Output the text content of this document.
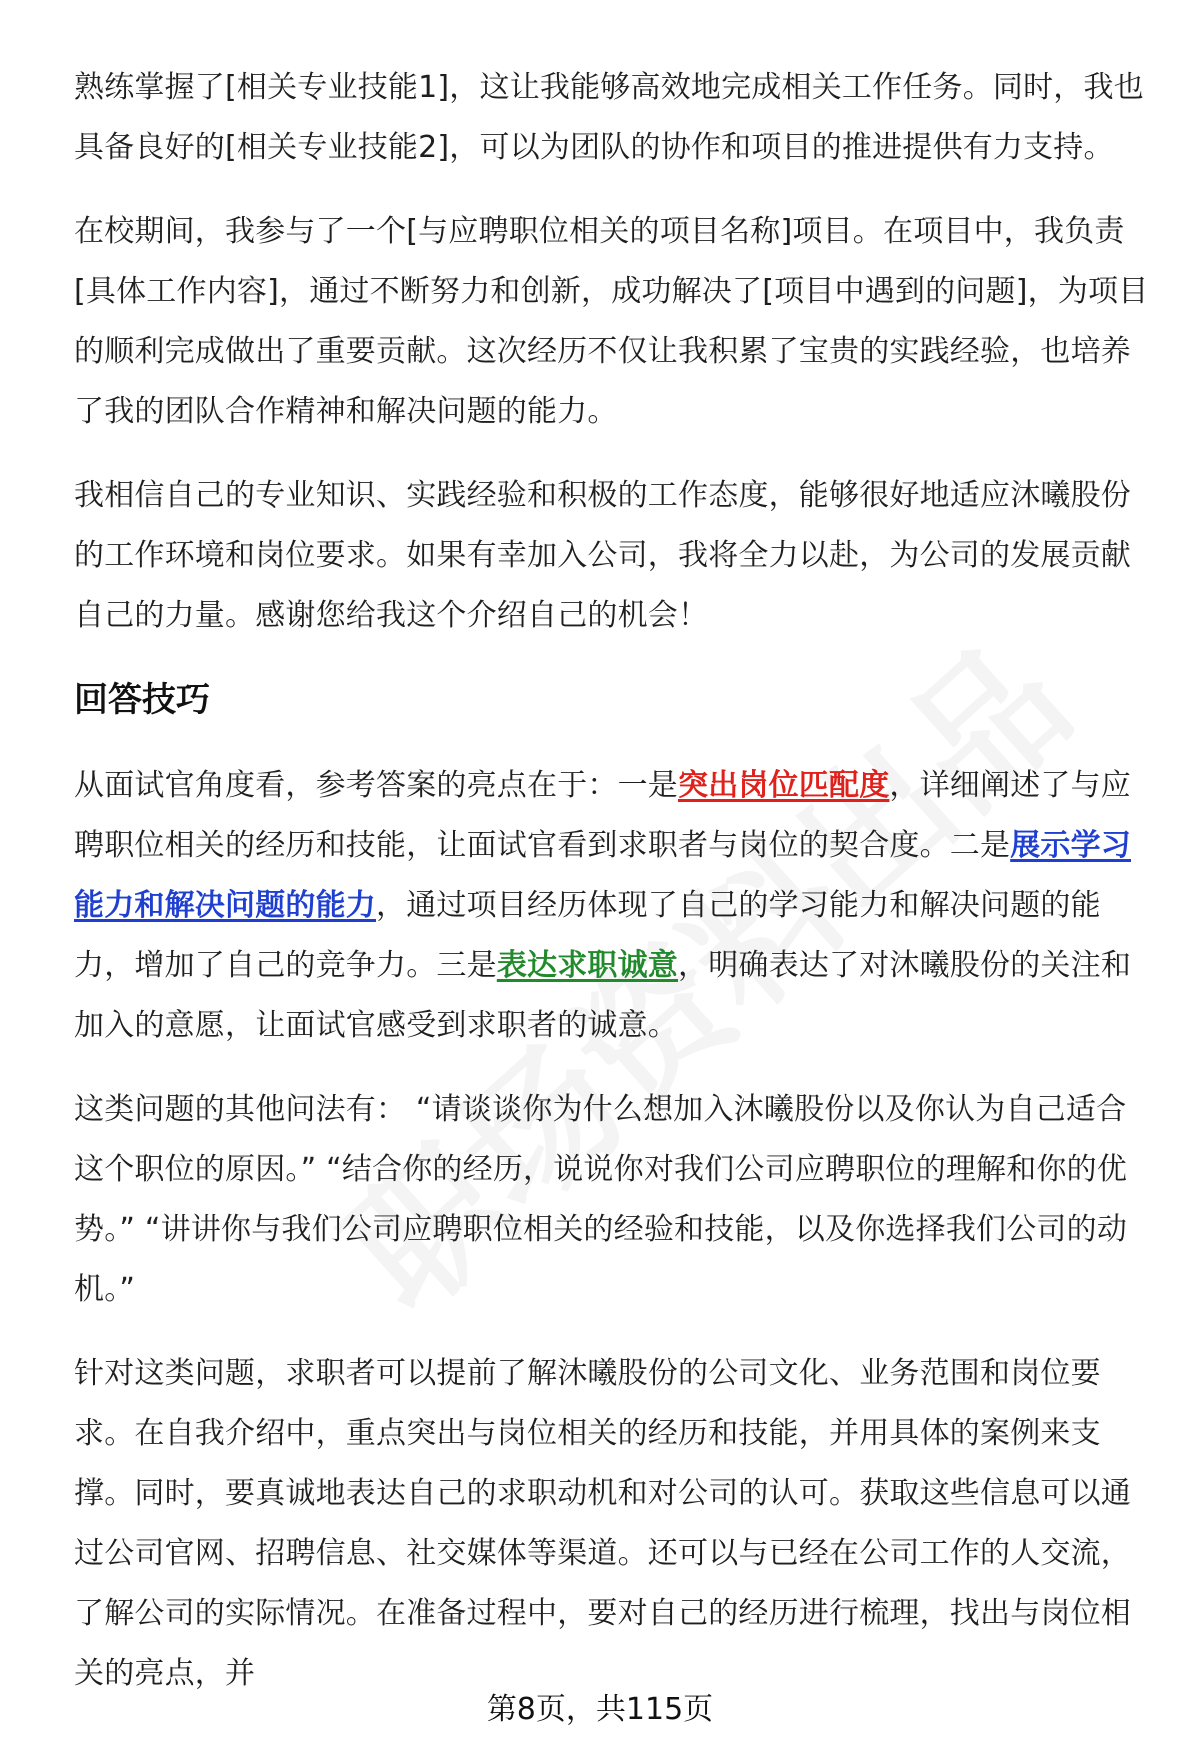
熟练掌握了[相关专业技能1]，这让我能够高效地完成相关工作任务。同时，我也具备良好的[相关专业技能2]，可以为团队的协作和项目的推进提供有力支持。

在校期间，我参与了一个[与应聘职位相关的项目名称]项目。在项目中，我负责[具体工作内容]，通过不断努力和创新，成功解决了[项目中遇到的问题]，为项目的顺利完成做出了重要贡献。这次经历不仅让我积累了宝贵的实践经验，也培养了我的团队合作精神和解决问题的能力。

我相信自己的专业知识、实践经验和积极的工作态度，能够很好地适应沐曦股份的工作环境和岗位要求。如果有幸加入公司，我将全力以赴，为公司的发展贡献自己的力量。感谢您给我这个介绍自己的机会！

回答技巧

从面试官角度看，参考答案的亮点在于：一是突出岗位匹配度，详细阐述了与应聘职位相关的经历和技能，让面试官看到求职者与岗位的契合度。二是展示学习能力和解决问题的能力，通过项目经历体现了自己的学习能力和解决问题的能力，增加了自己的竞争力。三是表达求职诚意，明确表达了对沐曦股份的关注和加入的意愿，让面试官感受到求职者的诚意。

这类问题的其他问法有： “请谈谈你为什么想加入沐曦股份以及你认为自己适合这个职位的原因。” “结合你的经历，说说你对我们公司应聘职位的理解和你的优势。” “讲讲你与我们公司应聘职位相关的经验和技能，以及你选择我们公司的动机。”

针对这类问题，求职者可以提前了解沐曦股份的公司文化、业务范围和岗位要求。在自我介绍中，重点突出与岗位相关的经历和技能，并用具体的案例来支撑。同时，要真诚地表达自己的求职动机和对公司的认可。获取这些信息可以通过公司官网、招聘信息、社交媒体等渠道。还可以与已经在公司工作的人交流，了解公司的实际情况。在准备过程中，要对自己的经历进行梳理，找出与岗位相关的亮点，并

第8页，共115页
